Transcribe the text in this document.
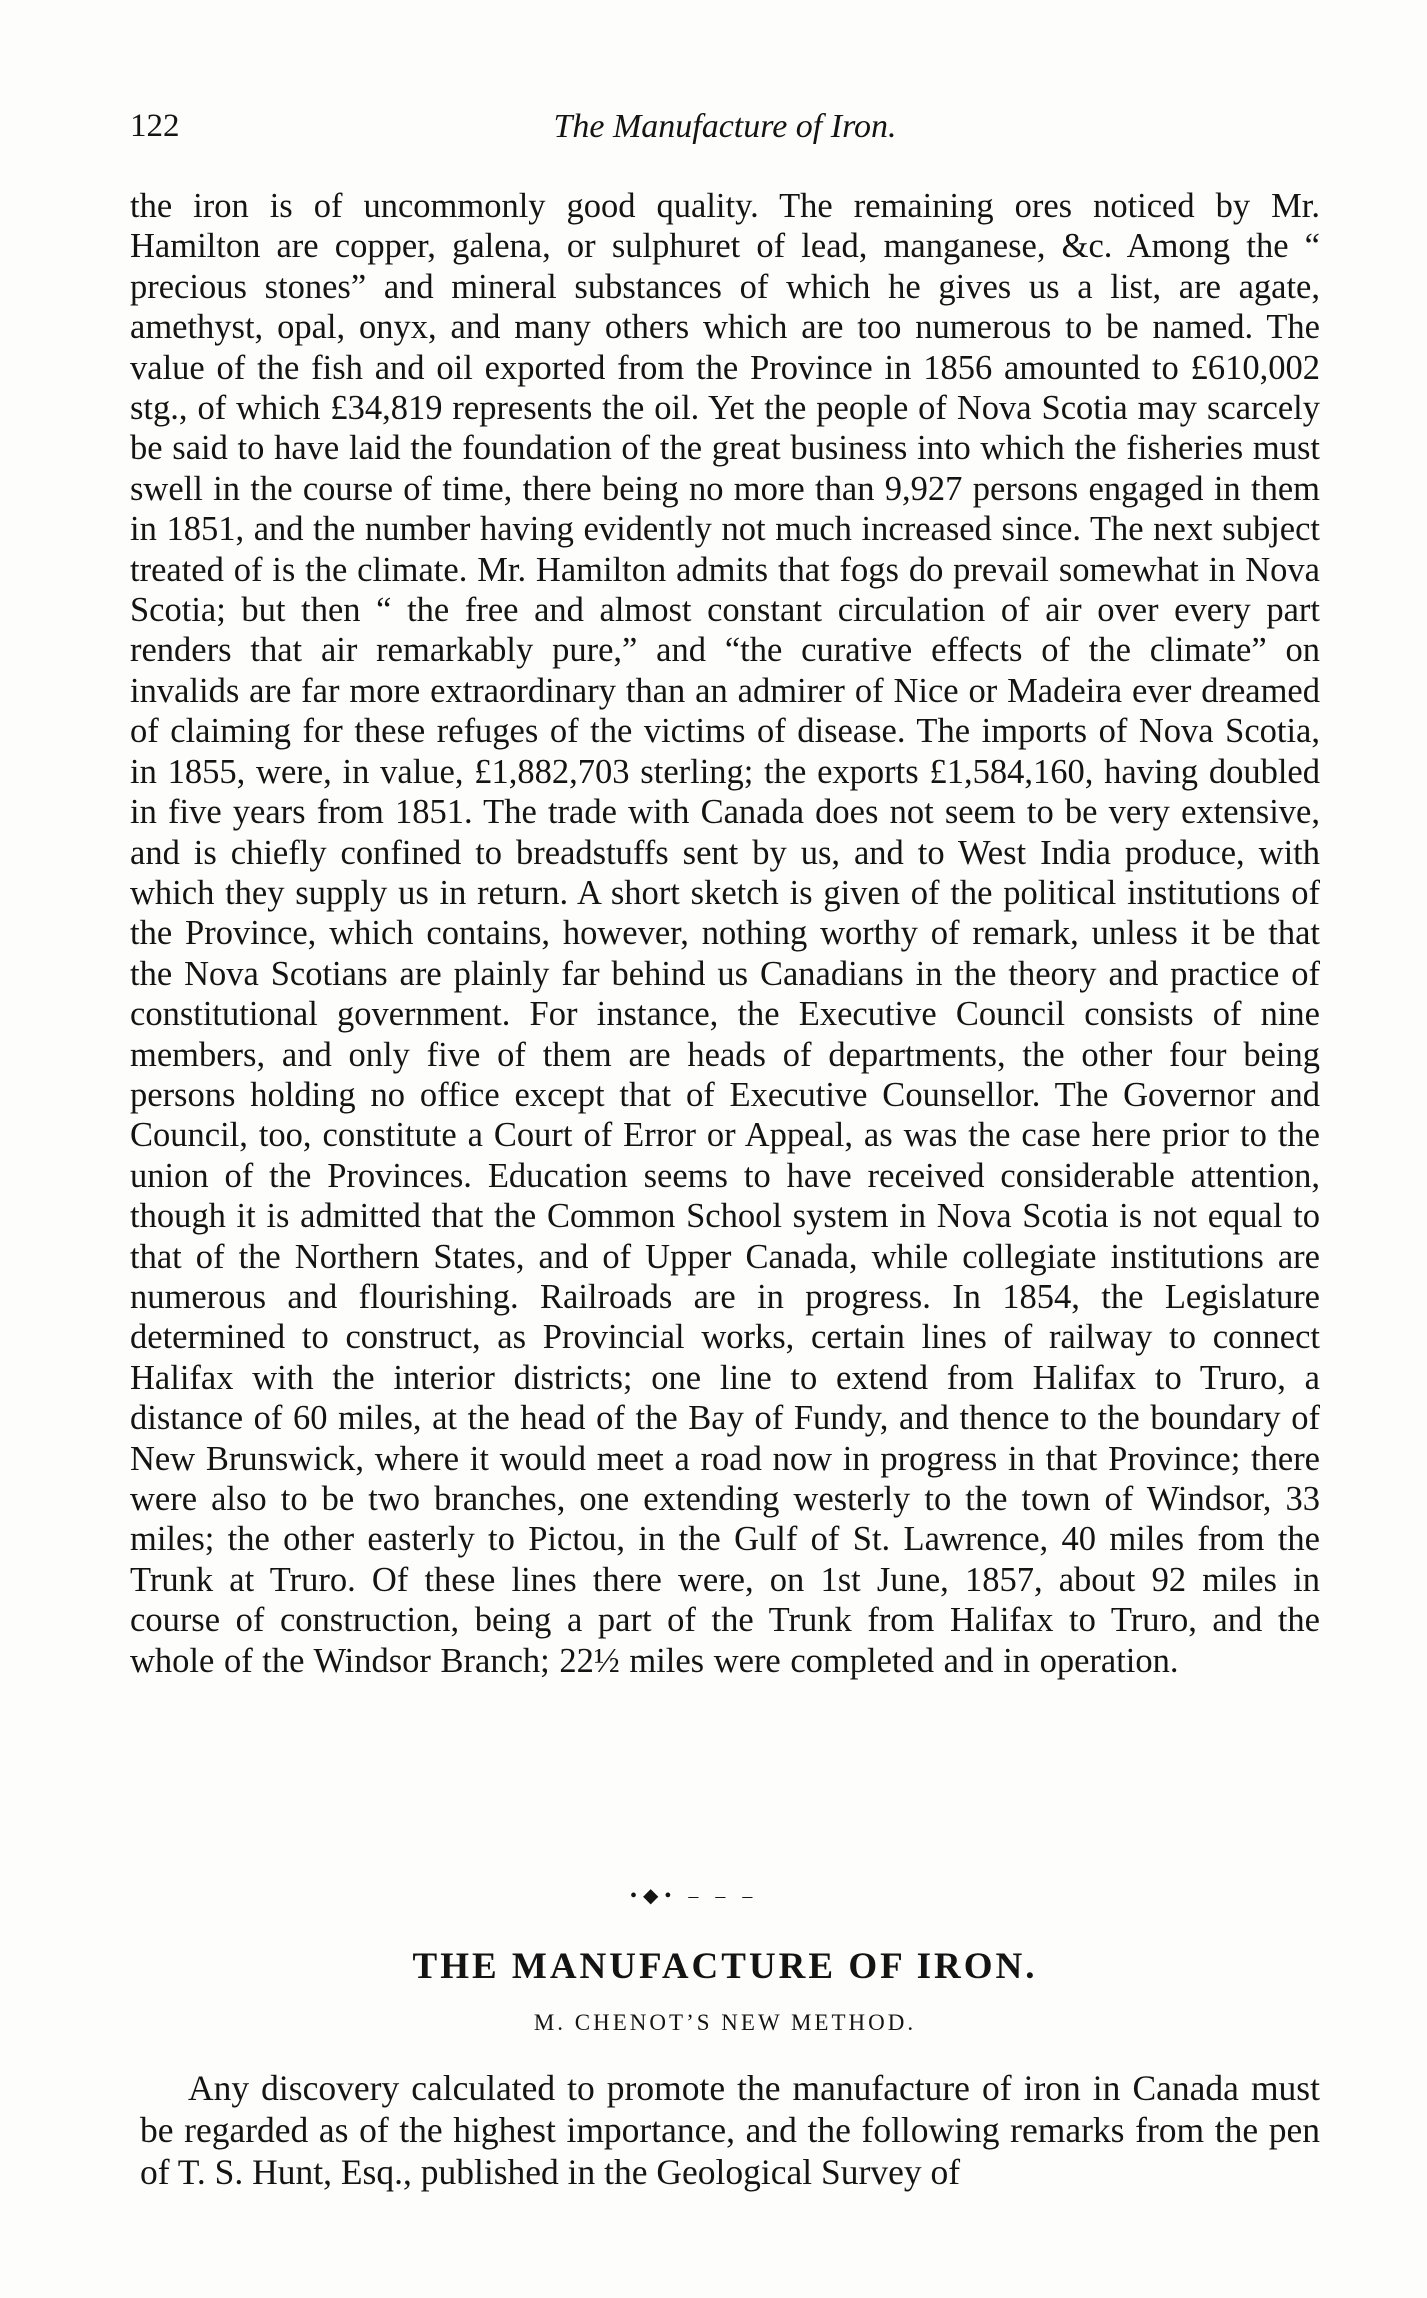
122	The Manufacture of Iron.

the iron is of uncommonly good quality. The remaining ores noticed by Mr. Hamilton are copper, galena, or sulphuret of lead, manganese, &c. Among the “ precious stones” and mineral substances of which he gives us a list, are agate, amethyst, opal, onyx, and many others which are too numerous to be named. The value of the fish and oil exported from the Province in 1856 amounted to £610,002 stg., of which £34,819 represents the oil. Yet the people of Nova Scotia may scarcely be said to have laid the foundation of the great business into which the fisheries must swell in the course of time, there being no more than 9,927 persons engaged in them in 1851, and the number having evidently not much increased since. The next subject treated of is the climate. Mr. Hamilton admits that fogs do prevail somewhat in Nova Scotia; but then “ the free and almost constant circulation of air over every part renders that air remarkably pure,” and “the curative effects of the climate” on invalids are far more extraordinary than an admirer of Nice or Madeira ever dreamed of claiming for these refuges of the victims of disease. The imports of Nova Scotia, in 1855, were, in value, £1,882,703 sterling; the exports £1,584,160, having doubled in five years from 1851. The trade with Canada does not seem to be very extensive, and is chiefly confined to breadstuffs sent by us, and to West India produce, with which they supply us in return. A short sketch is given of the political institutions of the Province, which contains, however, nothing worthy of remark, unless it be that the Nova Scotians are plainly far behind us Canadians in the theory and practice of constitutional government. For instance, the Executive Council consists of nine members, and only five of them are heads of departments, the other four being persons holding no office except that of Executive Counsellor. The Governor and Council, too, constitute a Court of Error or Appeal, as was the case here prior to the union of the Provinces. Education seems to have received considerable attention, though it is admitted that the Common School system in Nova Scotia is not equal to that of the Northern States, and of Upper Canada, while collegiate institutions are numerous and flourishing. Railroads are in progress. In 1854, the Legislature determined to construct, as Provincial works, certain lines of railway to connect Halifax with the interior districts; one line to extend from Halifax to Truro, a distance of 60 miles, at the head of the Bay of Fundy, and thence to the boundary of New Brunswick, where it would meet a road now in progress in that Province; there were also to be two branches, one extending westerly to the town of Windsor, 33 miles; the other easterly to Pictou, in the Gulf of St. Lawrence, 40 miles from the Trunk at Truro. Of these lines there were, on 1st June, 1857, about 92 miles in course of construction, being a part of the Trunk from Halifax to Truro, and the whole of the Windsor Branch; 22½ miles were completed and in operation.

•◆• – – –
THE MANUFACTURE OF IRON.
M. CHENOT’S NEW METHOD.

Any discovery calculated to promote the manufacture of iron in Canada must be regarded as of the highest importance, and the following remarks from the pen of T. S. Hunt, Esq., published in the Geological Survey of
